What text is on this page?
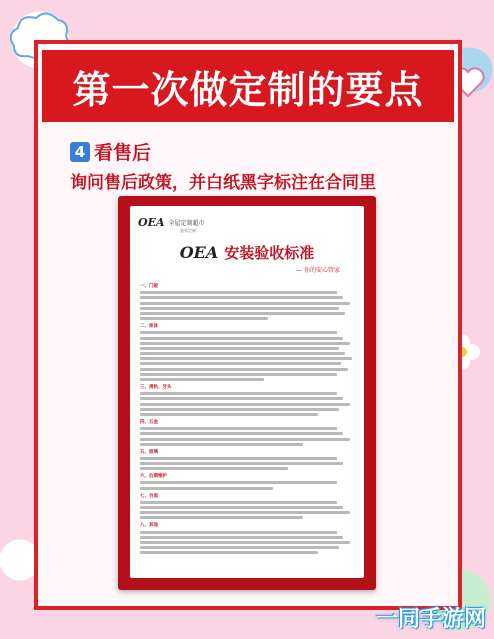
第一次做定制的要点
4 看售后
询问售后政策，并白纸黑字标注在合同里
OEA 全屋定制超市
独家定制
OEA 安装验收标准
— 你的安心管家
一、门板
二、柜体
三、滑轨、牙头
四、五金
五、玻璃
六、后期维护
七、台面
八、其他
一同手游网
